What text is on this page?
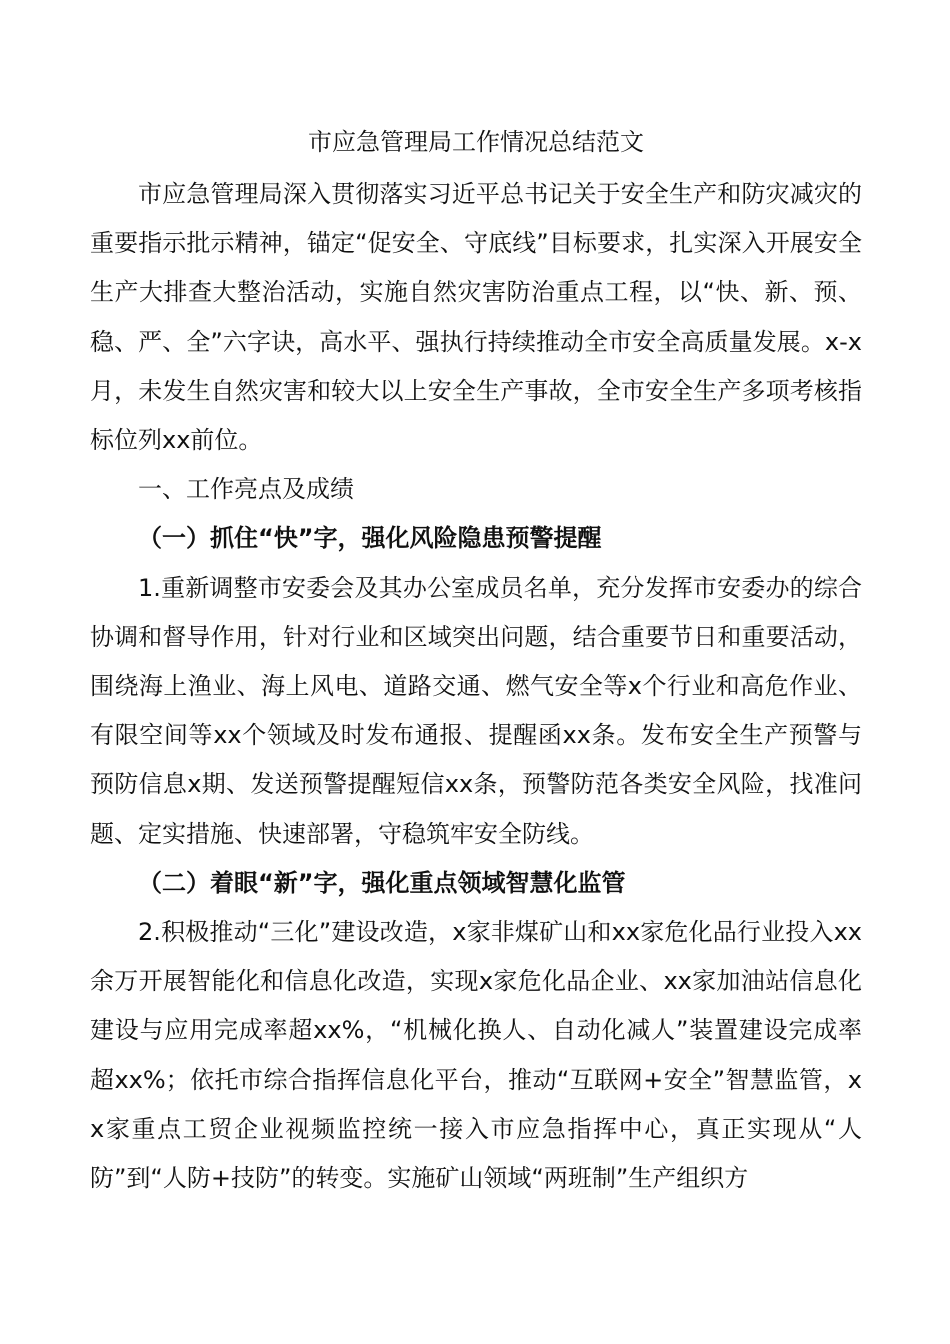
市应急管理局工作情况总结范文

市应急管理局深入贯彻落实习近平总书记关于安全生产和防灾减灾的重要指示批示精神，锚定“促安全、守底线”目标要求，扎实深入开展安全生产大排查大整治活动，实施自然灾害防治重点工程，以“快、新、预、稳、严、全”六字诀，高水平、强执行持续推动全市安全高质量发展。x-x月，未发生自然灾害和较大以上安全生产事故，全市安全生产多项考核指标位列xx前位。

一、工作亮点及成绩

（一）抓住“快”字，强化风险隐患预警提醒

1.重新调整市安委会及其办公室成员名单，充分发挥市安委办的综合协调和督导作用，针对行业和区域突出问题，结合重要节日和重要活动，围绕海上渔业、海上风电、道路交通、燃气安全等x个行业和高危作业、有限空间等xx个领域及时发布通报、提醒函xx条。发布安全生产预警与预防信息x期、发送预警提醒短信xx条，预警防范各类安全风险，找准问题、定实措施、快速部署，守稳筑牢安全防线。

（二）着眼“新”字，强化重点领域智慧化监管

2.积极推动“三化”建设改造，x家非煤矿山和xx家危化品行业投入xx余万开展智能化和信息化改造，实现x家危化品企业、xx家加油站信息化建设与应用完成率超xx%，“机械化换人、自动化减人”装置建设完成率超xx%；依托市综合指挥信息化平台，推动“互联网+安全”智慧监管，xx家重点工贸企业视频监控统一接入市应急指挥中心，真正实现从“人防”到“人防+技防”的转变。实施矿山领域“两班制”生产组织方
